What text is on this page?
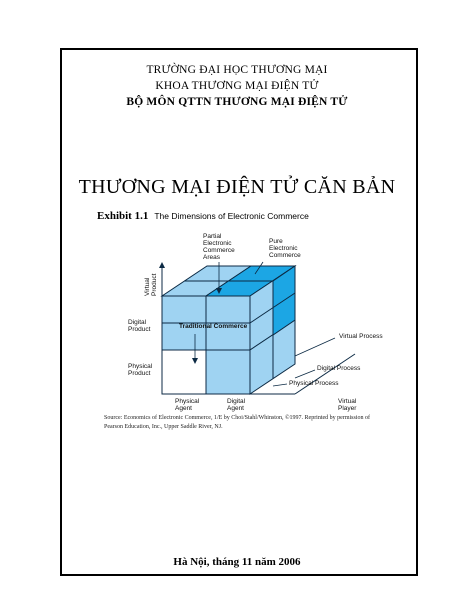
TRƯỜNG ĐẠI HỌC THƯƠNG MẠI
KHOA THƯƠNG MẠI ĐIỆN TỬ
BỘ MÔN QTTN THƯƠNG MẠI ĐIỆN TỬ
THƯƠNG MẠI ĐIỆN TỬ CĂN BẢN
Exhibit 1.1 The Dimensions of Electronic Commerce
Partial
Electronic
Commerce
Areas
Pure
Electronic
Commerce
Virtual Product
Digital
Product
Physical
Product
Traditional Commerce
Physical
Agent
Digital
Agent
Virtual
Player
Virtual Process
Digital Process
Physical Process
Source: Economics of Electronic Commerce, 1/E by Choi/Stahl/Whinston, ©1997. Reprinted by permission of
Pearson Education, Inc., Upper Saddle River, NJ.
Hà Nội, tháng 11 năm 2006
